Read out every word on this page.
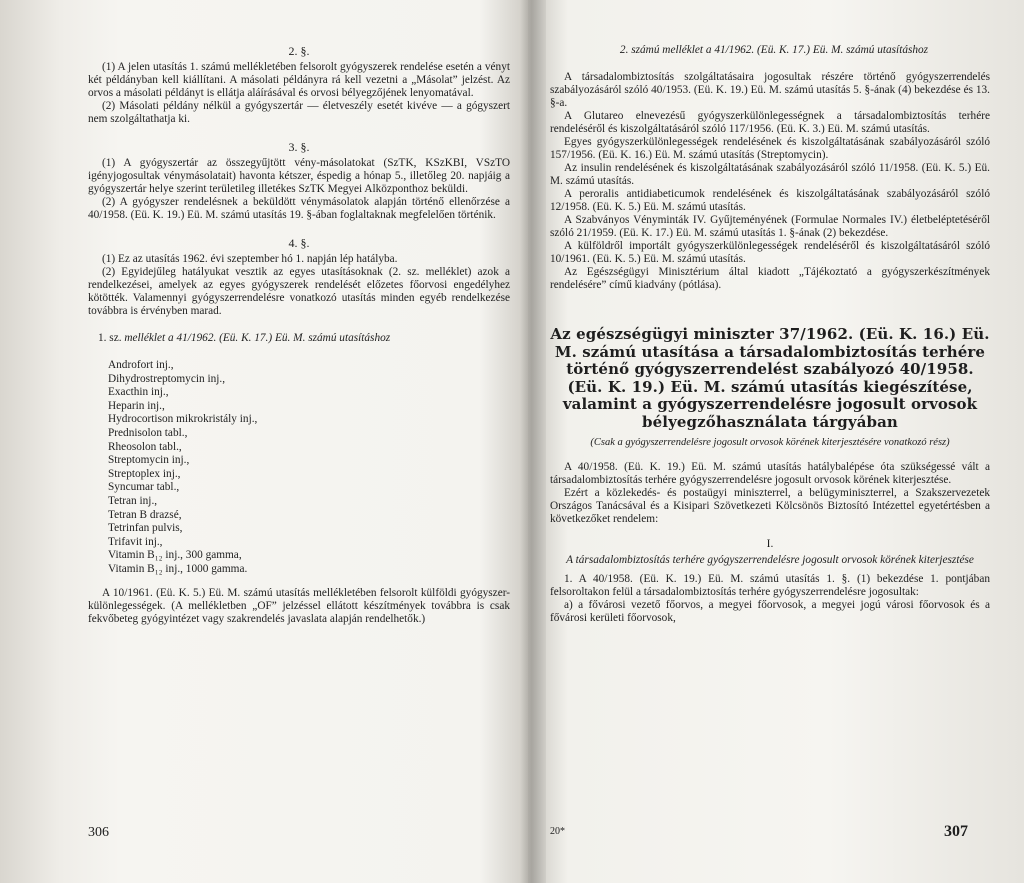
2. §.

(1) A jelen utasítás 1. számú mellékletében felsorolt gyógyszerek rendelése esetén a vényt két példányban kell kiállítani. A másolati példányra rá kell vezetni a „Másolat” jelzést. Az orvos a másolati példányt is ellátja aláírásával és orvosi bélyegzőjének lenyomatával.

(2) Másolati példány nélkül a gyógyszertár — életveszély esetét kivéve — a gógyszert nem szolgáltathatja ki.

3. §.

(1) A gyógyszertár az összegyűjtött vény-másolatokat (SzTK, KSzKBI, VSzTO igényjogosultak vénymásolatait) havonta kétszer, éspedig a hónap 5., illetőleg 20. napjáig a gyógyszertár helye szerint területileg illetékes SzTK Megyei Alközponthoz beküldi.

(2) A gyógyszer rendelésnek a beküldött vénymásolatok alapján történő ellenőrzése a 40/1958. (Eü. K. 19.) Eü. M. számú utasítás 19. §-ában foglaltaknak megfelelően történik.

4. §.

(1) Ez az utasítás 1962. évi szeptember hó 1. napján lép hatályba.

(2) Egyidejűleg hatályukat vesztik az egyes utasításoknak (2. sz. melléklet) azok a rendelkezései, amelyek az egyes gyógyszerek rendelését előzetes főorvosi engedélyhez kötötték. Valamennyi gyógyszerrendelésre vonatkozó utasítás minden egyéb rendelkezése továbbra is érvényben marad.

1. sz. melléklet a 41/1962. (Eü. K. 17.) Eü. M. számú utasításhoz
Androfort inj.,
Dihydrostreptomycin inj.,
Exacthin inj.,
Heparin inj.,
Hydrocortison mikrokristály inj.,
Prednisolon tabl.,
Rheosolon tabl.,
Streptomycin inj.,
Streptoplex inj.,
Syncumar tabl.,
Tetran inj.,
Tetran B drazsé,
Tetrinfan pulvis,
Trifavit inj.,
Vitamin B₁₂ inj., 300 gamma,
Vitamin B₁₂ inj., 1000 gamma.

A 10/1961. (Eü. K. 5.) Eü. M. számú utasítás mellékletében felsorolt külföldi gyógyszer-különlegességek. (A mellékletben „OF” jelzéssel ellátott készítmények továbbra is csak fekvőbeteg gyógyintézet vagy szakrendelés javaslata alapján rendelhetők.)

306
2. számú melléklet a 41/1962. (Eü. K. 17.) Eü. M. számú utasításhoz

A társadalombiztosítás szolgáltatásaira jogosultak részére történő gyógyszerrendelés szabályozásáról szóló 40/1953. (Eü. K. 19.) Eü. M. számú utasítás 5. §-ának (4) bekezdése és 13. §-a.

A Glutareo elnevezésű gyógyszerkülönlegességnek a társadalombiztosítás terhére rendeléséről és kiszolgáltatásáról szóló 117/1956. (Eü. K. 3.) Eü. M. számú utasítás.

Egyes gyógyszerkülönlegességek rendelésének és kiszolgáltatásának szabályozásáról szóló 157/1956. (Eü. K. 16.) Eü. M. számú utasítás (Streptomycin).

Az insulin rendelésének és kiszolgáltatásának szabályozásáról szóló 11/1958. (Eü. K. 5.) Eü. M. számú utasítás.

A peroralis antidiabeticumok rendelésének és kiszolgáltatásának szabályozásáról szóló 12/1958. (Eü. K. 5.) Eü. M. számú utasítás.

A Szabványos Vényminták IV. Gyűjteményének (Formulae Normales IV.) életbeléptetéséről szóló 21/1959. (Eü. K. 17.) Eü. M. számú utasítás 1. §-ának (2) bekezdése.

A külföldről importált gyógyszerkülönlegességek rendeléséről és kiszolgáltatásáról szóló 10/1961. (Eü. K. 5.) Eü. M. számú utasítás.

Az Egészségügyi Minisztérium által kiadott „Tájékoztató a gyógyszerkészítmények rendelésére” című kiadvány (pótlása).

Az egészségügyi miniszter 37/1962. (Eü. K. 16.) Eü. M. számú utasítása a társadalombiztosítás terhére történő gyógyszerrendelést szabályozó 40/1958. (Eü. K. 19.) Eü. M. számú utasítás kiegészítése, valamint a gyógyszerrendelésre jogosult orvosok bélyegzőhasználata tárgyában
(Csak a gyógyszerrendelésre jogosult orvosok körének kiterjesztésére vonatkozó rész)

A 40/1958. (Eü. K. 19.) Eü. M. számú utasítás hatálybalépése óta szükségessé vált a társadalombiztosítás terhére gyógyszerrendelésre jogosult orvosok körének kiterjesztése.

Ezért a közlekedés- és postaügyi miniszterrel, a belügyminiszterrel, a Szakszervezetek Országos Tanácsával és a Kisipari Szövetkezeti Kölcsönös Biztosító Intézettel egyetértésben a következőket rendelem:

I.
A társadalombiztosítás terhére gyógyszerrendelésre jogosult orvosok körének kiterjesztése

1. A 40/1958. (Eü. K. 19.) Eü. M. számú utasítás 1. §. (1) bekezdése 1. pontjában felsoroltakon felül a társadalombiztosítás terhére gyógyszerrendelésre jogosultak:

a) a fővárosi vezető főorvos, a megyei főorvosok, a megyei jogú városi főorvosok és a fővárosi kerületi főorvosok,

20*	307
